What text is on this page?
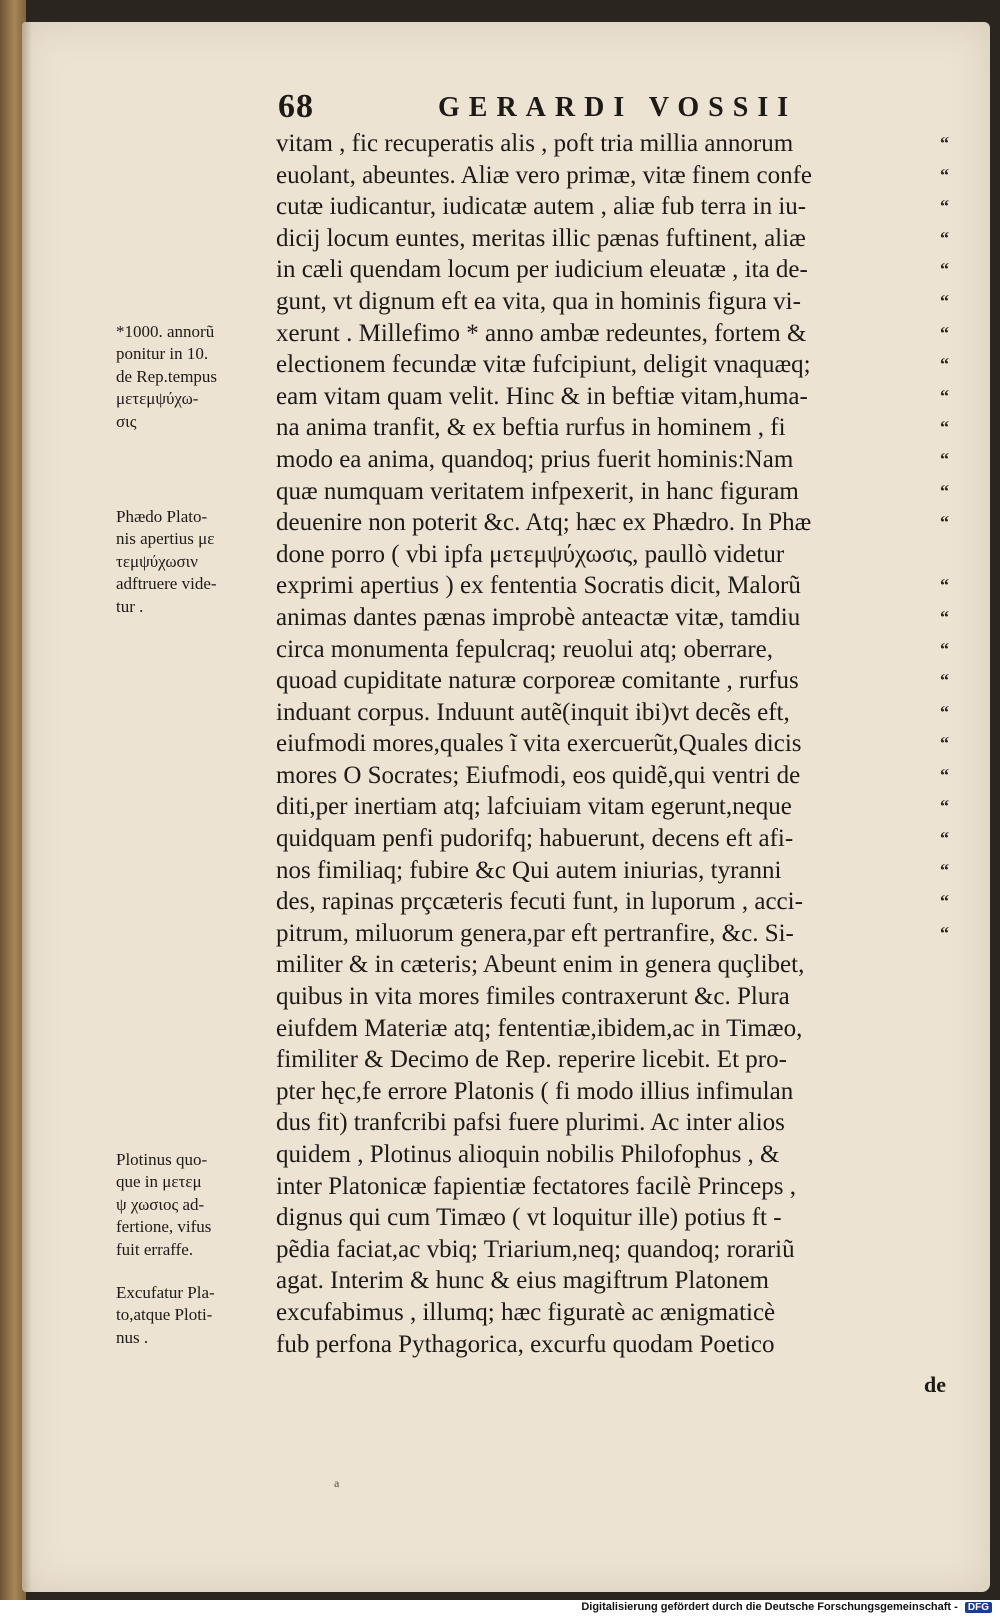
68	GERARDI VOSSII
vitam , fic recuperatis alis , poft tria millia annorum
euolant, abeuntes. Aliæ vero primæ, vitæ finem confe
cutæ iudicantur, iudicatæ autem , aliæ fub terra in iu-
dicij locum euntes, meritas illic pænas fuftinent, aliæ
in cæli quendam locum per iudicium eleuatæ , ita de-
gunt, vt dignum eft ea vita, qua in hominis figura vi-
xerunt . Millefimo * anno ambæ redeuntes, fortem &
electionem fecundæ vitæ fufcipiunt, deligit vnaquæq;
eam vitam quam velit. Hinc & in beftiæ vitam,huma-
na anima tranfit, & ex beftia rurfus in hominem , fi
modo ea anima, quandoq; prius fuerit hominis:Nam
quæ numquam veritatem infpexerit, in hanc figuram
deuenire non poterit &c. Atq; hæc ex Phædro. In Phæ
done porro ( vbi ipfa μετεμψύχωσις, paullò videtur
exprimi apertius ) ex fententia Socratis dicit, Malorũ
animas dantes pænas improbè anteactæ vitæ, tamdiu
circa monumenta fepulcraq; reuolui atq; oberrare,
quoad cupiditate naturæ corporeæ comitante , rurfus
induant corpus. Induunt autẽ(inquit ibi)vt decẽs eft,
eiufmodi mores,quales ĩ vita exercuerũt,Quales dicis
mores O Socrates; Eiufmodi, eos quidẽ,qui ventri de
diti,per inertiam atq; lafciuiam vitam egerunt,neque
quidquam penfi pudorifq; habuerunt, decens eft afi-
nos fimiliaq; fubire &c Qui autem iniurias, tyranni
des, rapinas prçcæteris fecuti funt, in luporum , acci-
pitrum, miluorum genera,par eft pertranfire, &c. Si-
militer & in cæteris; Abeunt enim in genera quçlibet,
quibus in vita mores fimiles contraxerunt &c. Plura
eiufdem Materiæ atq; fententiæ,ibidem,ac in Timæo,
fimiliter & Decimo de Rep. reperire licebit. Et pro-
pter hęc,fe errore Platonis ( fi modo illius infimulan
dus fit) tranfcribi pafsi fuere plurimi. Ac inter alios
quidem , Plotinus alioquin nobilis Philofophus , &
inter Platonicæ fapientiæ fectatores facilè Princeps ,
dignus qui cum Timæo ( vt loquitur ille) potius ft -
pẽdia faciat,ac vbiq; Triarium,neq; quandoq; rorariũ
agat. Interim & hunc & eius magiftrum Platonem
excufabimus , illumq; hæc figuratè ac ænigmaticè
fub perfona Pythagorica, excurfu quodam Poetico
“
“
“
“
“
“
“
“
“
“
“
“
“
“
“
“
“
“
“
“
“
“
“
“
“
*1000. annorũ
ponitur in 10.
de Rep.tempus
μετεμψύχω-
σις
Phædo Plato-
nis apertius με
τεμψύχωσιν
adftruere vide-
tur .
Plotinus quo-
que in μετεμ
ψ χωσιος ad-
fertione, vifus
fuit erraffe.
Excufatur Pla-
to,atque Ploti-
nus .
de
a
Digitalisierung gefördert durch die Deutsche Forschungsgemeinschaft - DFG
